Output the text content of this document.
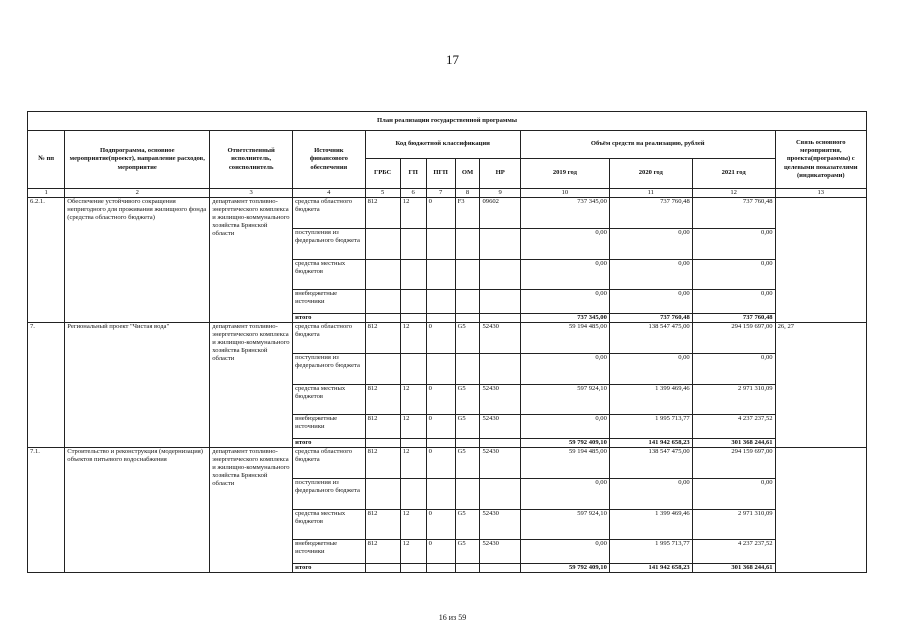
17
План реализации государственной программы												
№ пп	Подпрограмма, основное мероприятие(проект), направление расходов, мероприятие	Ответственный исполнитель, соисполнитель	Источник финансового обеспечения	Код бюджетной классификации					Объём средств на реализацию, рублей			Связь основного мероприятия, проекта(программы) с целевыми показателями (индикаторами)
				ГРБС	ГП	ПГП	ОМ	НР	2019 год	2020 год	2021 год	
1	2	3	4	5	6	7	8	9	10	11	12	13
6.2.1.	Обеспечение устойчивого сокращения непригодного для проживания жилищного фонда (средства областного бюджета)	департамент топливно-энергетического комплекса и жилищно-коммунального хозяйства Брянской области	средства областного бюджета	812	12	0	F3	09602	737 345,00	737 760,48	737 760,48	
			поступления из федерального бюджета						0,00	0,00	0,00	
			средства местных бюджетов						0,00	0,00	0,00	
			внебюджетные источники						0,00	0,00	0,00	
			итого						737 345,00	737 760,48	737 760,48	
7.	Региональный проект "Чистая вода"	департамент топливно-энергетического комплекса и жилищно-коммунального хозяйства Брянской области	средства областного бюджета	812	12	0	G5	52430	59 194 485,00	138 547 475,00	294 159 697,00	26, 27
			поступления из федерального бюджета						0,00	0,00	0,00	
			средства местных бюджетов	812	12	0	G5	52430	597 924,10	1 399 469,46	2 971 310,09	
			внебюджетные источники	812	12	0	G5	52430	0,00	1 995 713,77	4 237 237,52	
			итого						59 792 409,10	141 942 658,23	301 368 244,61	
7.1.	Строительство и реконструкция (модернизация) объектов питьевого водоснабжения	департамент топливно-энергетического комплекса и жилищно-коммунального хозяйства Брянской области	средства областного бюджета	812	12	0	G5	52430	59 194 485,00	138 547 475,00	294 159 697,00	
			поступления из федерального бюджета						0,00	0,00	0,00	
			средства местных бюджетов	812	12	0	G5	52430	597 924,10	1 399 469,46	2 971 310,09	
			внебюджетные источники	812	12	0	G5	52430	0,00	1 995 713,77	4 237 237,52	
			итого						59 792 409,10	141 942 658,23	301 368 244,61	
16 из 59
